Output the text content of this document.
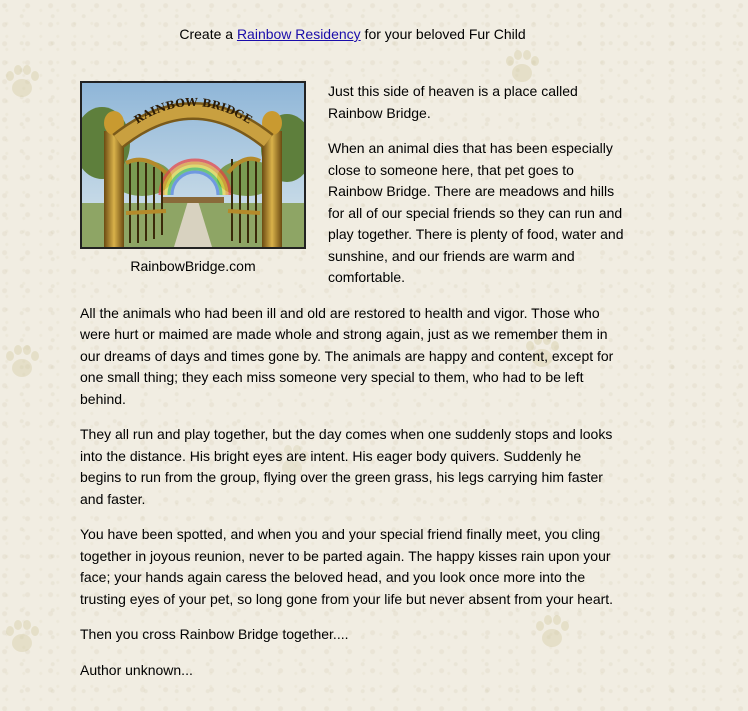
Create a Rainbow Residency for your beloved Fur Child
RAINBOW BRIDGE
RainbowBridge.com

Just this side of heaven is a place called Rainbow Bridge.

When an animal dies that has been especially close to someone here, that pet goes to Rainbow Bridge. There are meadows and hills for all of our special friends so they can run and play together. There is plenty of food, water and sunshine, and our friends are warm and comfortable.

All the animals who had been ill and old are restored to health and vigor. Those who were hurt or maimed are made whole and strong again, just as we remember them in our dreams of days and times gone by. The animals are happy and content, except for one small thing; they each miss someone very special to them, who had to be left behind.

They all run and play together, but the day comes when one suddenly stops and looks into the distance. His bright eyes are intent. His eager body quivers. Suddenly he begins to run from the group, flying over the green grass, his legs carrying him faster and faster.

You have been spotted, and when you and your special friend finally meet, you cling together in joyous reunion, never to be parted again. The happy kisses rain upon your face; your hands again caress the beloved head, and you look once more into the trusting eyes of your pet, so long gone from your life but never absent from your heart.

Then you cross Rainbow Bridge together....

Author unknown...
